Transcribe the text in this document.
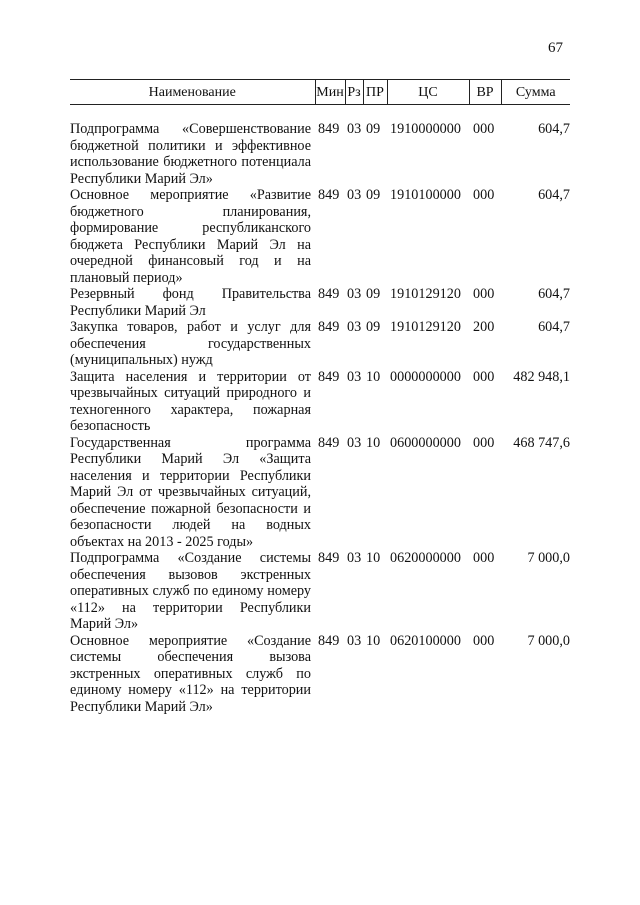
67
Наименование	Мин	Рз	ПР	ЦС	ВР	Сумма

Подпрограмма «Совершенствование бюджетной политики и эффективное использование бюджетного потенциала Республики Марий Эл»	849	03	09	1910000000	000	604,7
Основное мероприятие «Развитие бюджетного планирования, формирование республиканского бюджета Республики Марий Эл на очередной финансовый год и на плановый период»	849	03	09	1910100000	000	604,7
Резервный фонд Правительства Республики Марий Эл	849	03	09	1910129120	000	604,7
Закупка товаров, работ и услуг для обеспечения государственных (муниципальных) нужд	849	03	09	1910129120	200	604,7
Защита населения и территории от чрезвычайных ситуаций природного и техногенного характера, пожарная безопасность	849	03	10	0000000000	000	482 948,1
Государственная программа Республики Марий Эл «Защита населения и территории Республики Марий Эл от чрезвычайных ситуаций, обеспечение пожарной безопасности и безопасности людей на водных объектах на 2013 - 2025 годы»	849	03	10	0600000000	000	468 747,6
Подпрограмма «Создание системы обеспечения вызовов экстренных оперативных служб по единому номеру «112» на территории Республики Марий Эл»	849	03	10	0620000000	000	7 000,0
Основное мероприятие «Создание системы обеспечения вызова экстренных оперативных служб по единому номеру «112» на территории Республики Марий Эл»	849	03	10	0620100000	000	7 000,0
